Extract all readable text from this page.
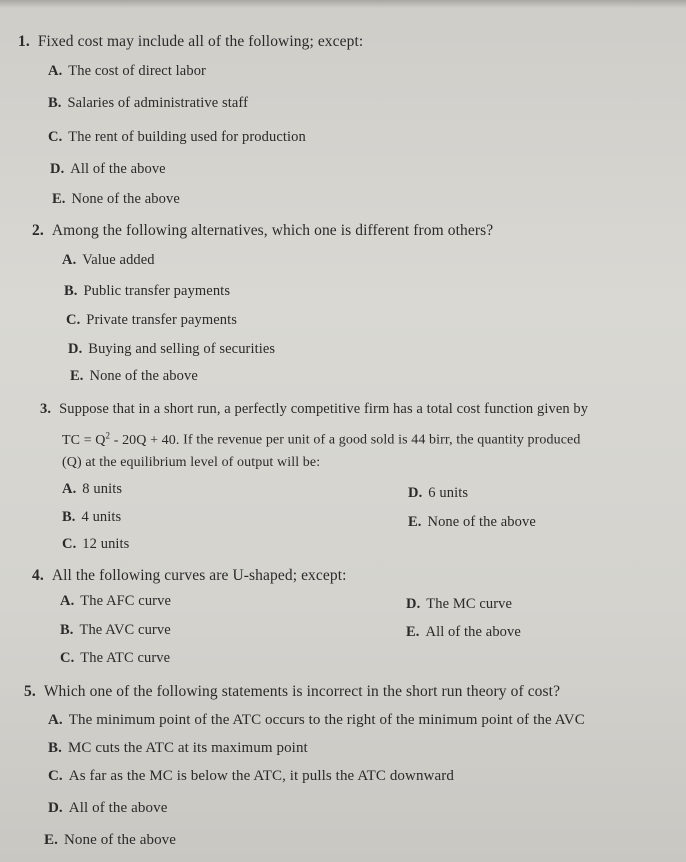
1. Fixed cost may include all of the following; except:
A. The cost of direct labor
B. Salaries of administrative staff
C. The rent of building used for production
D. All of the above
E. None of the above
2. Among the following alternatives, which one is different from others?
A. Value added
B. Public transfer payments
C. Private transfer payments
D. Buying and selling of securities
E. None of the above
3. Suppose that in a short run, a perfectly competitive firm has a total cost function given by
TC = $Q^2 - 20Q + 40$. If the revenue per unit of a good sold is 44 birr, the quantity produced
(Q) at the equilibrium level of output will be:
A. 8 units
B. 4 units
C. 12 units
D. 6 units
E. None of the above
4. All the following curves are U-shaped; except:
A. The AFC curve
B. The AVC curve
C. The ATC curve
D. The MC curve
E. All of the above
5. Which one of the following statements is incorrect in the short run theory of cost?
A. The minimum point of the ATC occurs to the right of the minimum point of the AVC
B. MC cuts the ATC at its maximum point
C. As far as the MC is below the ATC, it pulls the ATC downward
D. All of the above
E. None of the above
